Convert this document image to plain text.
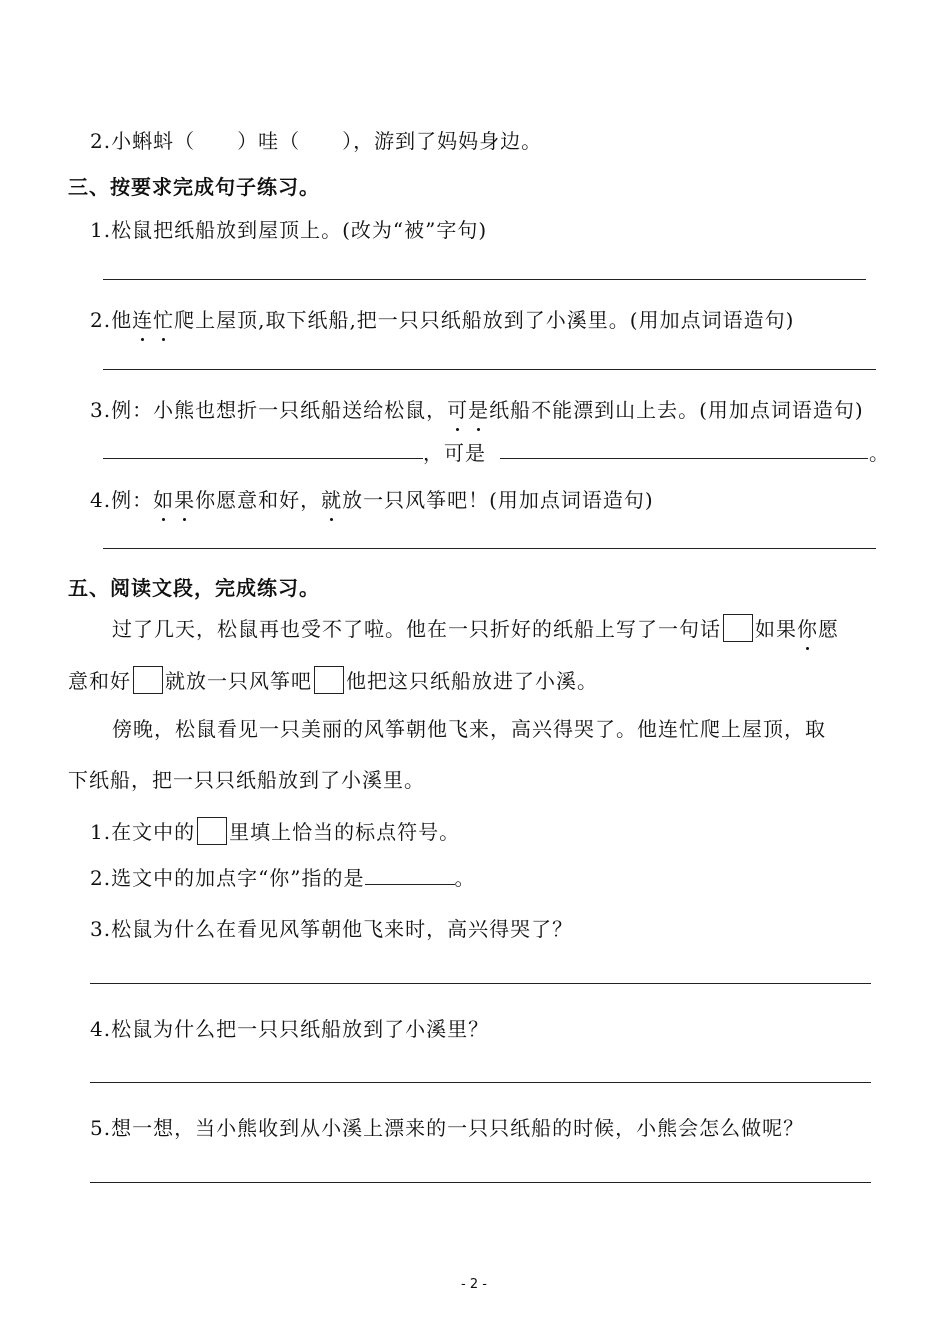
2.小蝌蚪（ ）哇（ ），游到了妈妈身边。
三、按要求完成句子练习。
1.松鼠把纸船放到屋顶上。(改为“被”字句)
2.他连忙爬上屋顶,取下纸船,把一只只纸船放到了小溪里。(用加点词语造句)
3.例：小熊也想折一只纸船送给松鼠，可是纸船不能漂到山上去。(用加点词语造句)
，可是	。
4.例：如果你愿意和好，就放一只风筝吧！(用加点词语造句)
五、阅读文段，完成练习。
过了几天，松鼠再也受不了啦。他在一只折好的纸船上写了一句话 如果你愿
意和好 就放一只风筝吧 他把这只纸船放进了小溪。
傍晚，松鼠看见一只美丽的风筝朝他飞来，高兴得哭了。他连忙爬上屋顶，取
下纸船，把一只只纸船放到了小溪里。
1.在文中的 里填上恰当的标点符号。
2.选文中的加点字“你”指的是	。
3.松鼠为什么在看见风筝朝他飞来时，高兴得哭了？
4.松鼠为什么把一只只纸船放到了小溪里？
5.想一想，当小熊收到从小溪上漂来的一只只纸船的时候，小熊会怎么做呢？
- 2 -
